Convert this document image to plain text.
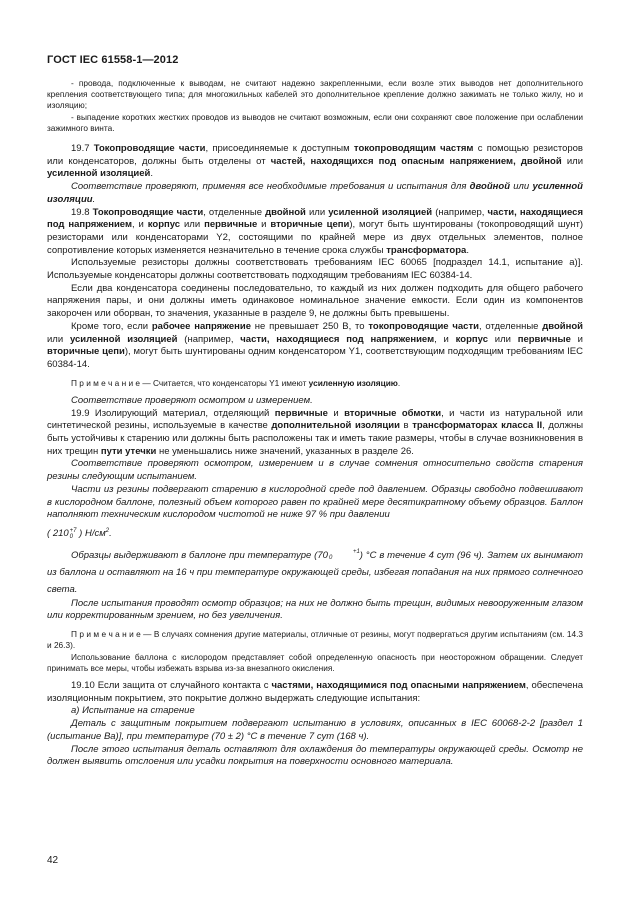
ГОСТ IEC 61558-1—2012

- провода, подключенные к выводам, не считают надежно закрепленными, если возле этих выводов нет дополнительного крепления соответствующего типа; для многожильных кабелей это дополнительное крепление должно зажимать не только жилу, но и изоляцию;

- выпадение коротких жестких проводов из выводов не считают возможным, если они сохраняют свое положение при ослаблении зажимного винта.

19.7 Токопроводящие части, присоединяемые к доступным токопроводящим частям с помощью резисторов или конденсаторов, должны быть отделены от частей, находящихся под опасным напряжением, двойной или усиленной изоляцией.

Соответствие проверяют, применяя все необходимые требования и испытания для двойной или усиленной изоляции.

19.8 Токопроводящие части, отделенные двойной или усиленной изоляцией (например, части, находящиеся под напряжением, и корпус или первичные и вторичные цепи), могут быть шунтированы (токопроводящий шунт) резисторами или конденсаторами Y2, состоящими по крайней мере из двух отдельных элементов, полное сопротивление которых изменяется незначительно в течение срока службы трансформатора.

Используемые резисторы должны соответствовать требованиям IEC 60065 [подраздел 14.1, испытание а)]. Используемые конденсаторы должны соответствовать подходящим требованиям IEC 60384-14.

Если два конденсатора соединены последовательно, то каждый из них должен подходить для общего рабочего напряжения пары, и они должны иметь одинаковое номинальное значение емкости. Если один из компонентов закорочен или оборван, то значения, указанные в разделе 9, не должны быть превышены.

Кроме того, если рабочее напряжение не превышает 250 В, то токопроводящие части, отделенные двойной или усиленной изоляцией (например, части, находящиеся под напряжением, и корпус или первичные и вторичные цепи), могут быть шунтированы одним конденсатором Y1, соответствующим подходящим требованиям IEC 60384-14.

П р и м е ч а н и е — Считается, что конденсаторы Y1 имеют усиленную изоляцию.

Соответствие проверяют осмотром и измерением.

19.9 Изолирующий материал, отделяющий первичные и вторичные обмотки, и части из натуральной или синтетической резины, используемые в качестве дополнительной изоляции в трансформаторах класса II, должны быть устойчивы к старению или должны быть расположены так и иметь такие размеры, чтобы в случае возникновения в них трещин пути утечки не уменьшались ниже значений, указанных в разделе 26.

Соответствие проверяют осмотром, измерением и в случае сомнения относительно свойств старения резины следующим испытанием.

Части из резины подвергают старению в кислородной среде под давлением. Образцы свободно подвешивают в кислородном баллоне, полезный объем которого равен по крайней мере десятикратному объему образцов. Баллон наполняют техническим кислородом чистотой не ниже 97 % при давлении

( 210+7
0 ) $Н/см^2$.

Образцы выдерживают в баллоне при температуре (70	+1
0	) °С в течение 4 сут (96 ч). Затем их вынимают из баллона и оставляют на 16 ч при температуре окружающей среды, избегая попадания на них прямого солнечного света.

После испытания проводят осмотр образцов; на них не должно быть трещин, видимых невооруженным глазом или корректированным зрением, но без увеличения.

П р и м е ч а н и е — В случаях сомнения другие материалы, отличные от резины, могут подвергаться другим испытаниям (см. 14.3 и 26.3).

Использование баллона с кислородом представляет собой определенную опасность при неосторожном обращении. Следует принимать все меры, чтобы избежать взрыва из-за внезапного окисления.

19.10 Если защита от случайного контакта с частями, находящимися под опасными напряжением, обеспечена изоляционным покрытием, это покрытие должно выдержать следующие испытания:

а) Испытание на старение

Деталь с защитным покрытием подвергают испытанию в условиях, описанных в IEC 60068-2-2 [раздел 1 (испытание Ва)], при температуре (70 ± 2) °С в течение 7 сут (168 ч).

После этого испытания деталь оставляют для охлаждения до температуры окружающей среды. Осмотр не должен выявить отслоения или усадки покрытия на поверхности основного материала.

42
